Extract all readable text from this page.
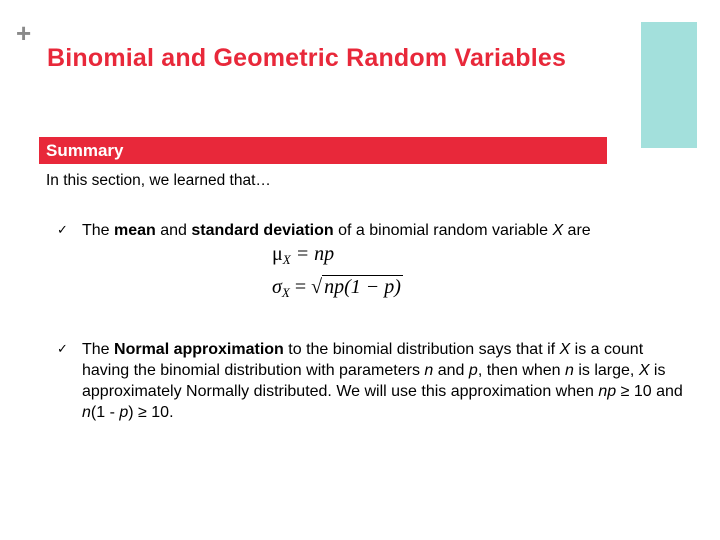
+
Binomial and Geometric Random Variables
Summary
In this section, we learned that…
✓ The mean and standard deviation of a binomial random variable X are
$\mu_X$ = np
$\sigma_X$ = √ np(1 − p)
✓ The Normal approximation to the binomial distribution says that if X is a count having the binomial distribution with parameters n and p, then when n is large, X is approximately Normally distributed. We will use this approximation when np ≥ 10 and n(1 - p) ≥ 10.
